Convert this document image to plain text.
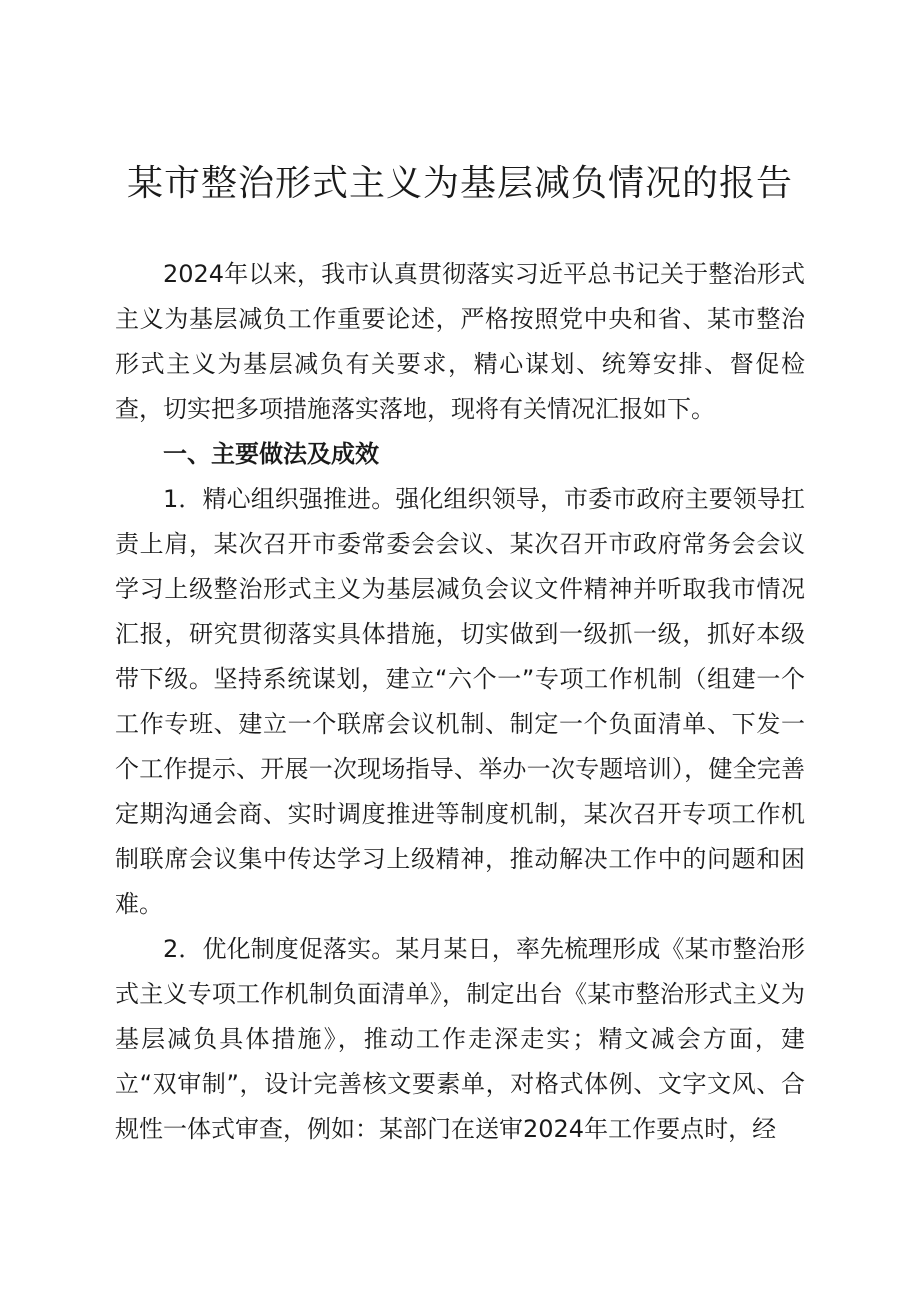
某市整治形式主义为基层减负情况的报告

2024年以来，我市认真贯彻落实习近平总书记关于整治形式主义为基层减负工作重要论述，严格按照党中央和省、某市整治形式主义为基层减负有关要求，精心谋划、统筹安排、督促检查，切实把多项措施落实落地，现将有关情况汇报如下。

一、主要做法及成效

1．精心组织强推进。强化组织领导，市委市政府主要领导扛责上肩，某次召开市委常委会会议、某次召开市政府常务会会议学习上级整治形式主义为基层减负会议文件精神并听取我市情况汇报，研究贯彻落实具体措施，切实做到一级抓一级，抓好本级带下级。坚持系统谋划，建立“六个一”专项工作机制（组建一个工作专班、建立一个联席会议机制、制定一个负面清单、下发一个工作提示、开展一次现场指导、举办一次专题培训），健全完善定期沟通会商、实时调度推进等制度机制，某次召开专项工作机制联席会议集中传达学习上级精神，推动解决工作中的问题和困难。

2．优化制度促落实。某月某日，率先梳理形成《某市整治形式主义专项工作机制负面清单》，制定出台《某市整治形式主义为基层减负具体措施》，推动工作走深走实；精文减会方面，建立“双审制”，设计完善核文要素单，对格式体例、文字文风、合规性一体式审查，例如：某部门在送审2024年工作要点时，经
